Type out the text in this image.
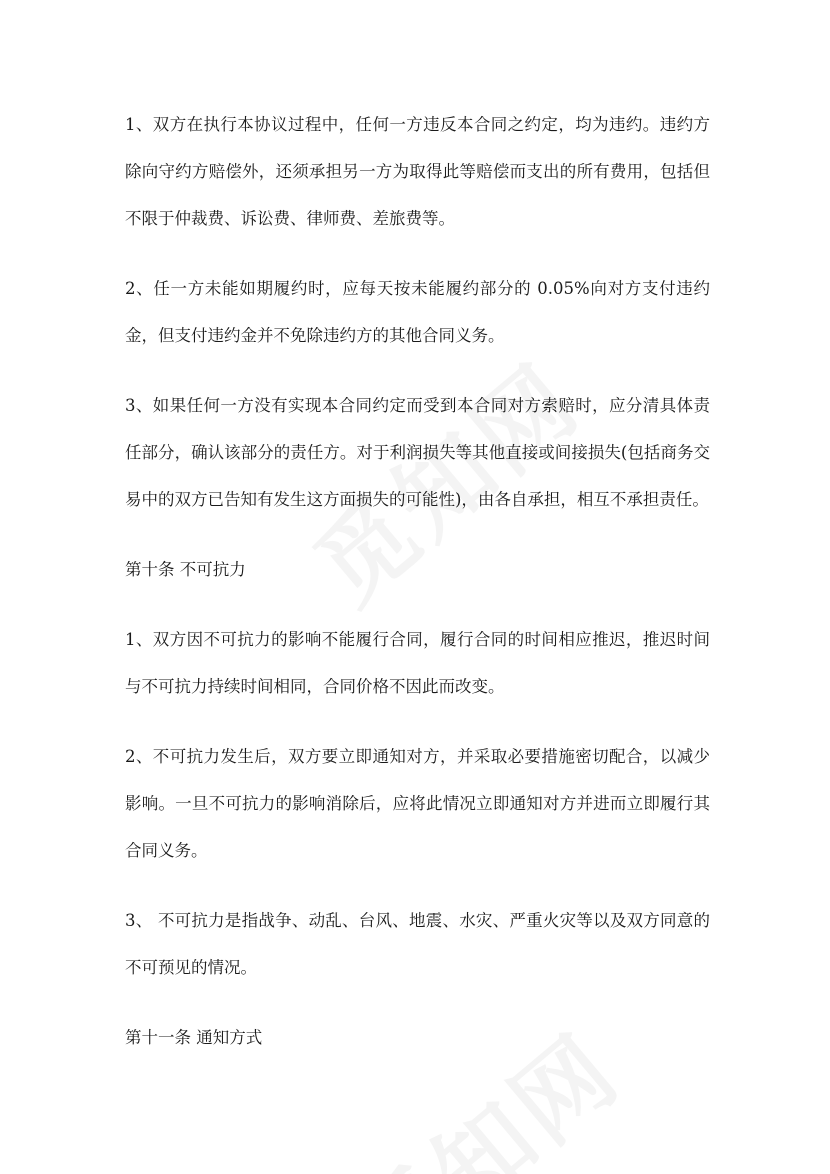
1、双方在执行本协议过程中，任何一方违反本合同之约定，均为违约。违约方除向守约方赔偿外，还须承担另一方为取得此等赔偿而支出的所有费用，包括但不限于仲裁费、诉讼费、律师费、差旅费等。

2、任一方未能如期履约时，应每天按未能履约部分的 0.05%向对方支付违约金，但支付违约金并不免除违约方的其他合同义务。

3、如果任何一方没有实现本合同约定而受到本合同对方索赔时，应分清具体责任部分，确认该部分的责任方。对于利润损失等其他直接或间接损失(包括商务交易中的双方已告知有发生这方面损失的可能性)，由各自承担，相互不承担责任。

第十条 不可抗力

1、双方因不可抗力的影响不能履行合同，履行合同的时间相应推迟，推迟时间与不可抗力持续时间相同，合同价格不因此而改变。

2、不可抗力发生后，双方要立即通知对方，并采取必要措施密切配合，以减少影响。一旦不可抗力的影响消除后，应将此情况立即通知对方并进而立即履行其合同义务。

3、 不可抗力是指战争、动乱、台风、地震、水灾、严重火灾等以及双方同意的不可预见的情况。

第十一条 通知方式
